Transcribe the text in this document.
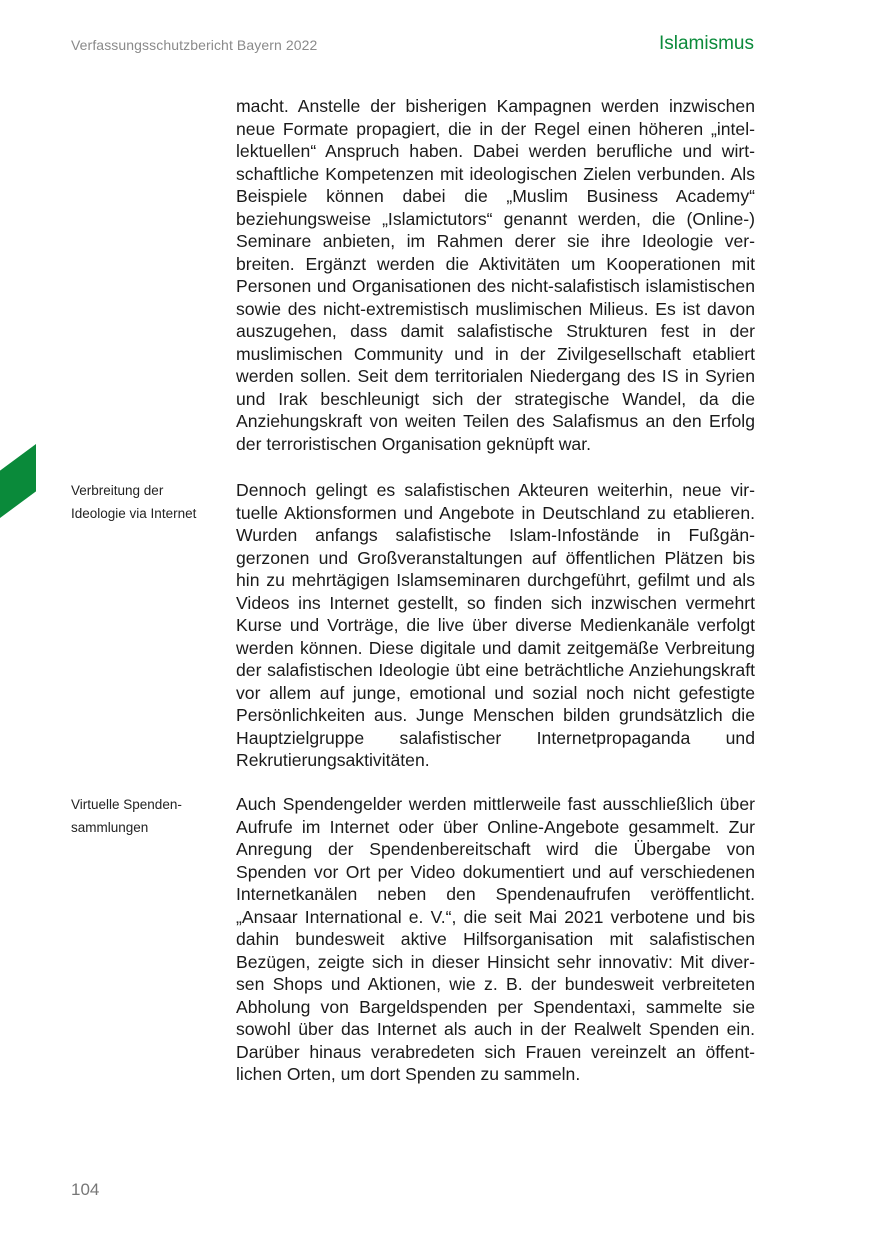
Verfassungsschutzbericht Bayern 2022	Islamismus
macht. Anstelle der bisherigen Kampagnen werden inzwischen neue Formate propagiert, die in der Regel einen höheren „intellektuellen“ Anspruch haben. Dabei werden berufliche und wirtschaftliche Kompetenzen mit ideologischen Zielen verbunden. Als Beispiele können dabei die „Muslim Business Academy“ beziehungsweise „Islamictutors“ genannt werden, die (Online-) Seminare anbieten, im Rahmen derer sie ihre Ideologie verbreiten. Ergänzt werden die Aktivitäten um Kooperationen mit Personen und Organisationen des nicht-salafistisch islamistischen sowie des nicht-extremistisch muslimischen Milieus. Es ist davon auszugehen, dass damit salafistische Strukturen fest in der muslimischen Community und in der Zivilgesellschaft etabliert werden sollen. Seit dem territorialen Niedergang des IS in Syrien und Irak beschleunigt sich der strategische Wandel, da die Anziehungskraft von weiten Teilen des Salafismus an den Erfolg der terroristischen Organisation geknüpft war.
Verbreitung der Ideologie via Internet
Dennoch gelingt es salafistischen Akteuren weiterhin, neue virtuelle Aktionsformen und Angebote in Deutschland zu etablieren. Wurden anfangs salafistische Islam-Infostände in Fußgängerzonen und Großveranstaltungen auf öffentlichen Plätzen bis hin zu mehrtägigen Islamseminaren durchgeführt, gefilmt und als Videos ins Internet gestellt, so finden sich inzwischen vermehrt Kurse und Vorträge, die live über diverse Medienkanäle verfolgt werden können. Diese digitale und damit zeitgemäße Verbreitung der salafistischen Ideologie übt eine beträchtliche Anziehungskraft vor allem auf junge, emotional und sozial noch nicht gefestigte Persönlichkeiten aus. Junge Menschen bilden grundsätzlich die Hauptzielgruppe salafistischer Internetpropaganda und Rekrutierungsaktivitäten.
Virtuelle Spendensammlungen
Auch Spendengelder werden mittlerweile fast ausschließlich über Aufrufe im Internet oder über Online-Angebote gesammelt. Zur Anregung der Spendenbereitschaft wird die Übergabe von Spenden vor Ort per Video dokumentiert und auf verschiedenen Internetkanälen neben den Spendenaufrufen veröffentlicht. „Ansaar International e. V.“, die seit Mai 2021 verbotene und bis dahin bundesweit aktive Hilfsorganisation mit salafistischen Bezügen, zeigte sich in dieser Hinsicht sehr innovativ: Mit diversen Shops und Aktionen, wie z. B. der bundesweit verbreiteten Abholung von Bargeldspenden per Spendentaxi, sammelte sie sowohl über das Internet als auch in der Realwelt Spenden ein. Darüber hinaus verabredeten sich Frauen vereinzelt an öffentlichen Orten, um dort Spenden zu sammeln.
104
